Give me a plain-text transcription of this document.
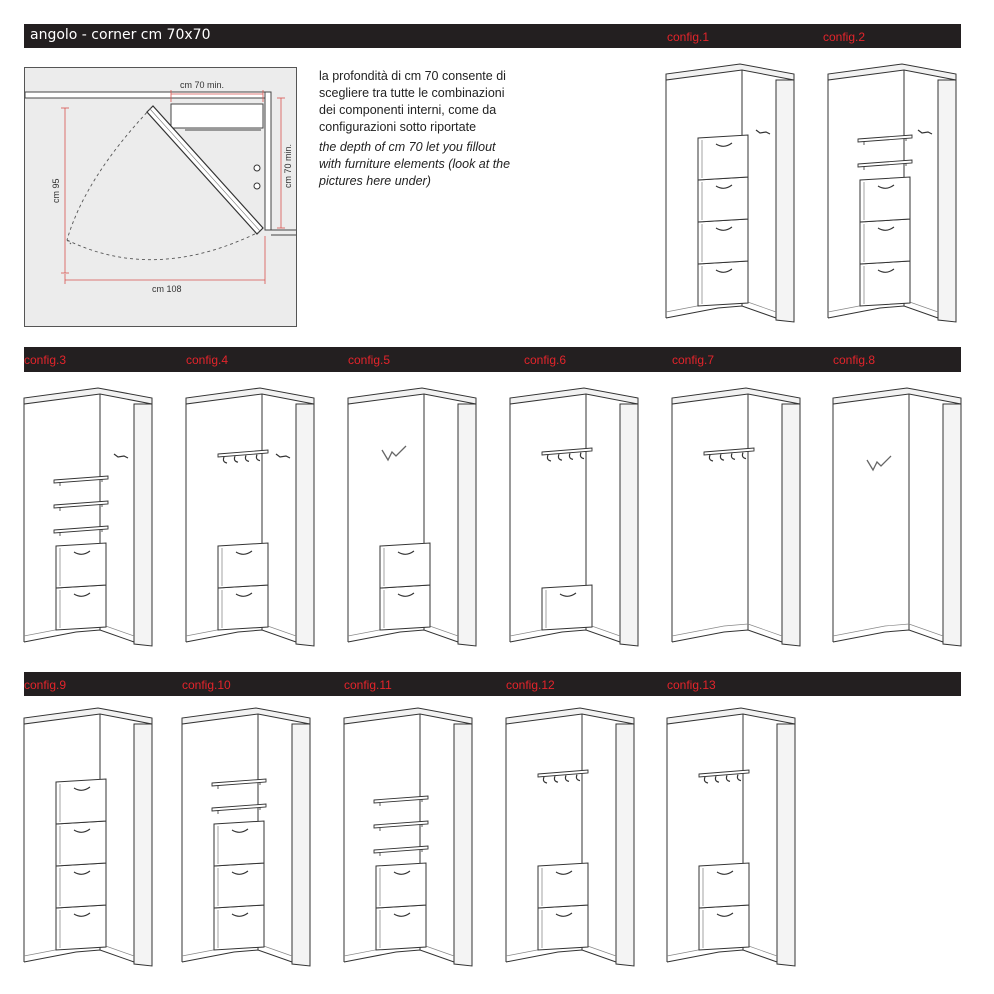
angolo - corner cm 70x70	config.1	config.2
config.3	config.4	config.5	config.6	config.7	config.8
config.9	config.10	config.11	config.12	config.13
cm 70 min.
cm 70 min.
cm 95
cm 108

la profondità di cm 70 consente di scegliere tra tutte le combinazioni dei componenti interni, come da configurazioni sotto riportate

the depth of cm 70 let you fillout with furniture elements (look at the pictures here under)
